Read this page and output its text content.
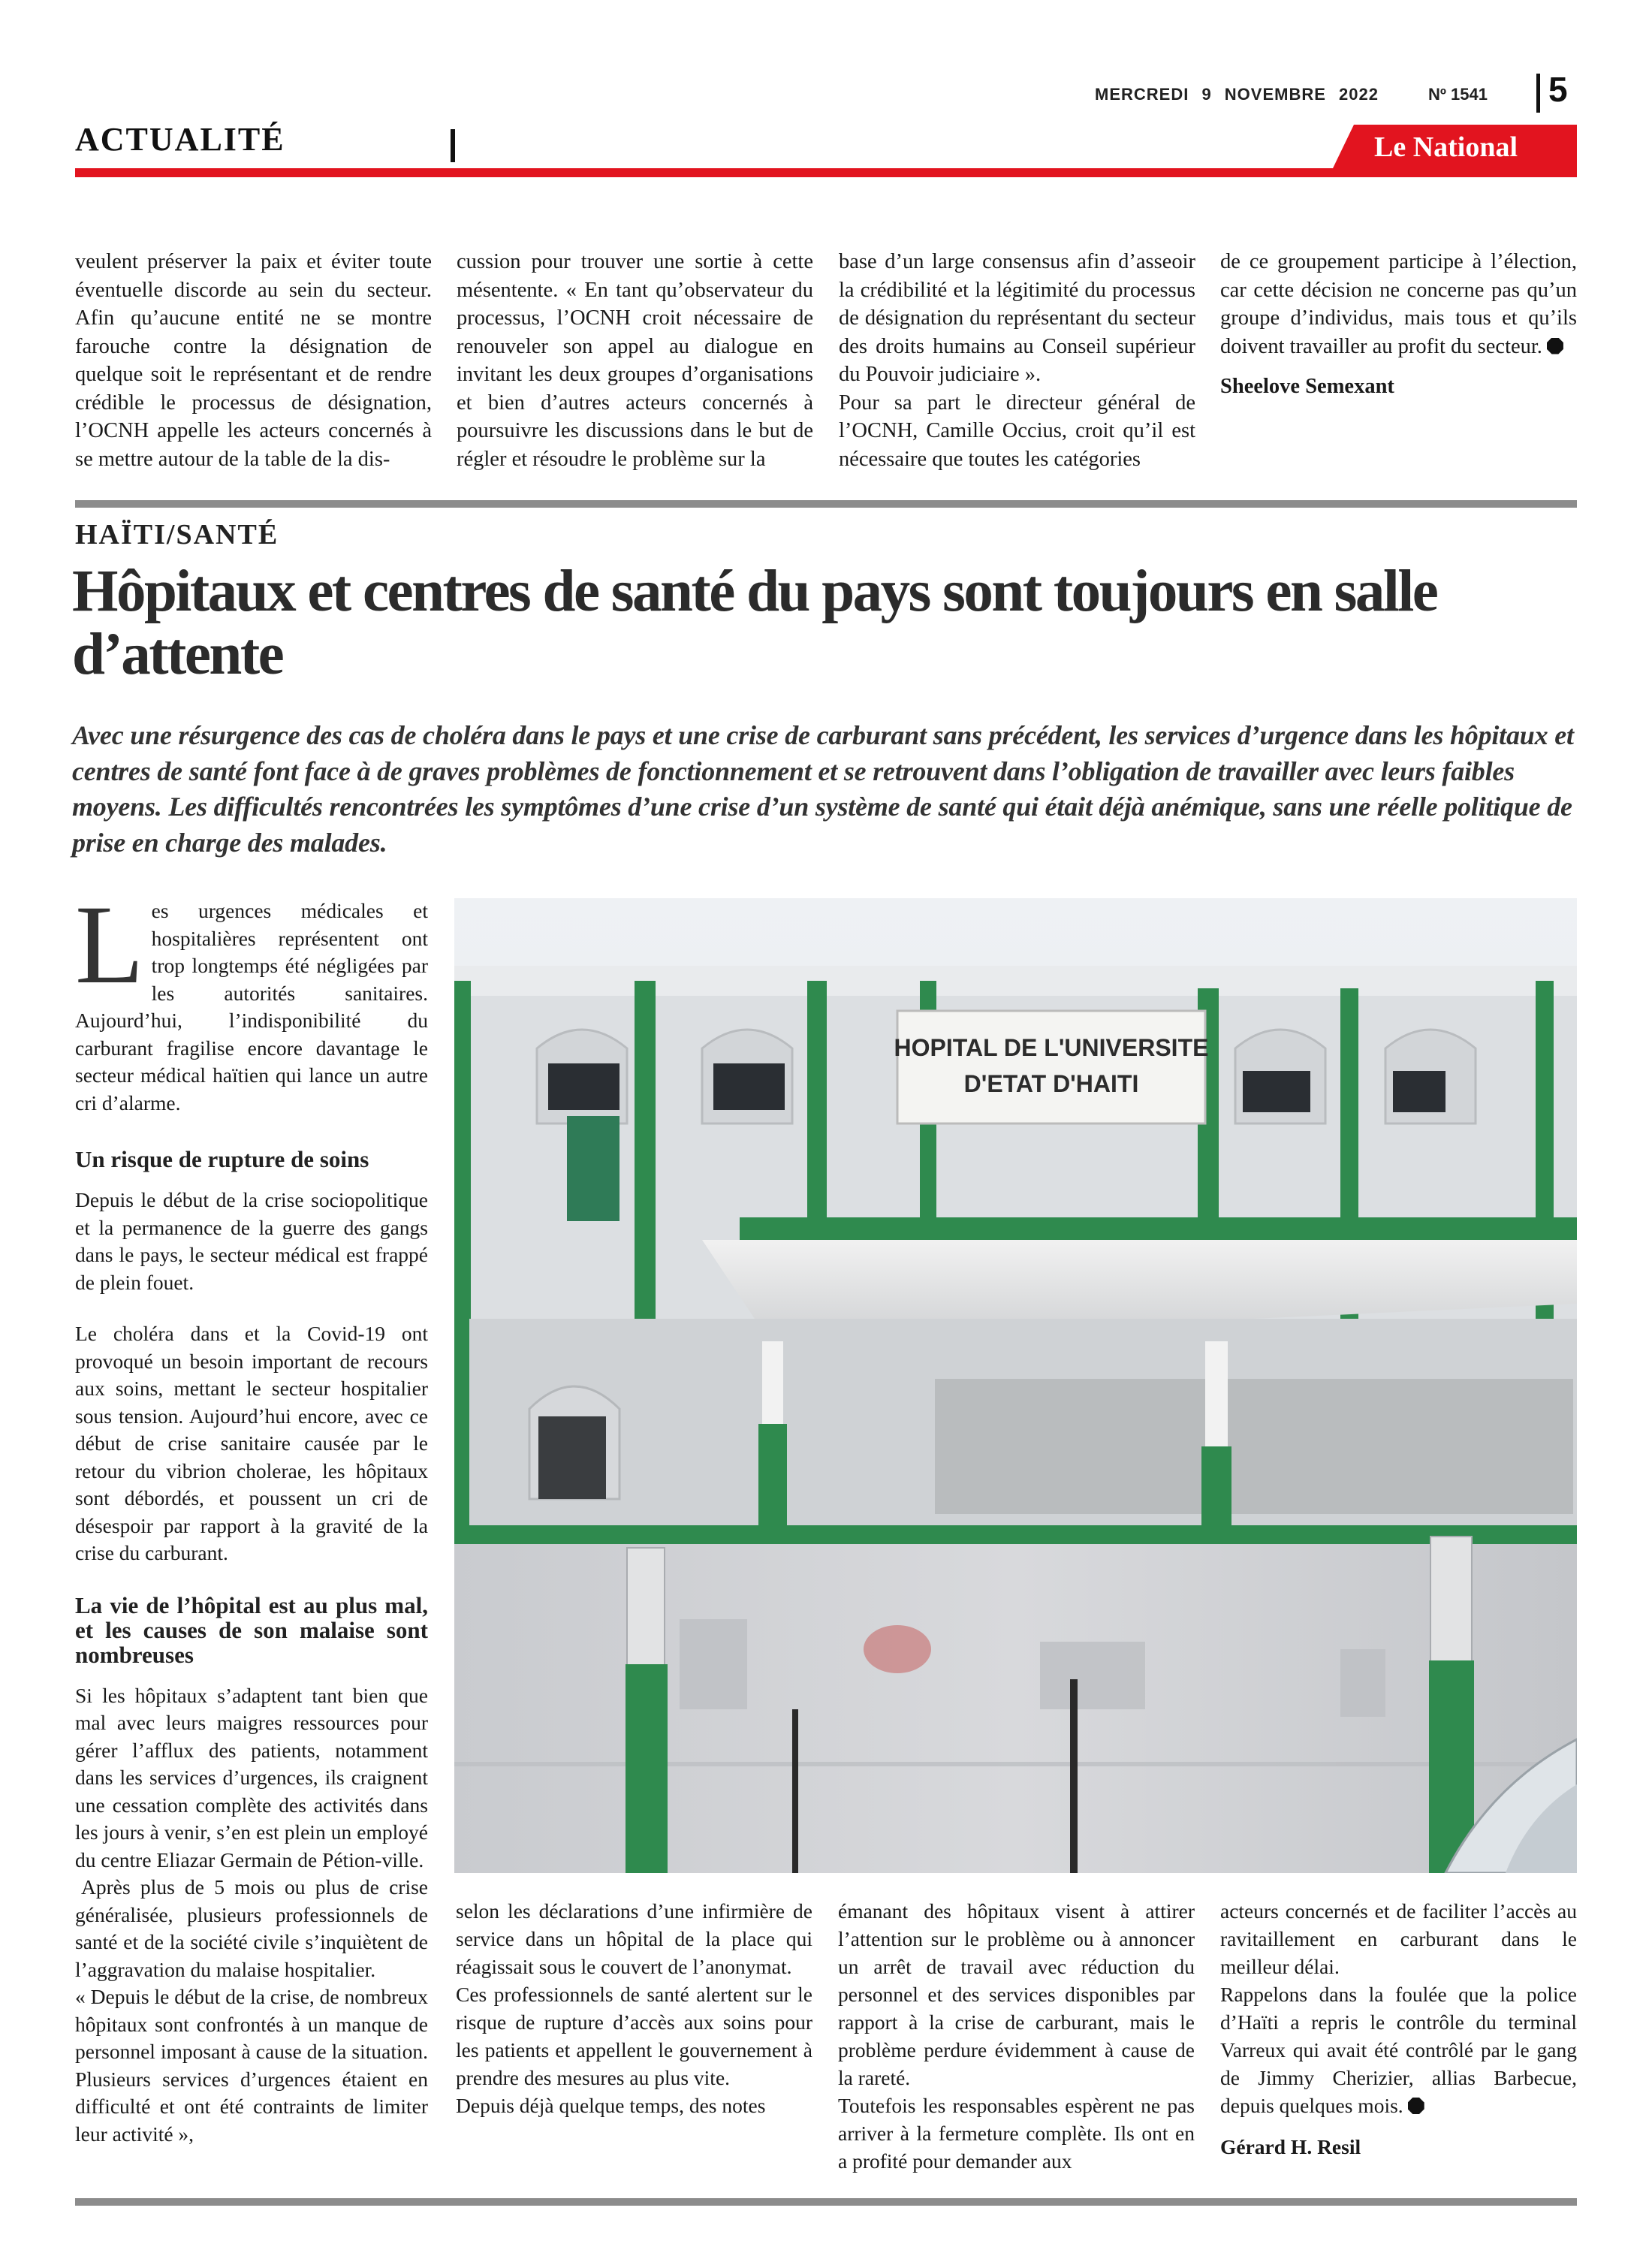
MERCREDI 9 NOVEMBRE 2022	Nº 1541 5
ACTUALITÉ	Le National

veulent préserver la paix et éviter toute éventuelle discorde au sein du secteur. Afin qu’aucune entité ne se montre farouche contre la désignation de quelque soit le représentant et de rendre crédible le processus de désignation, l’OCNH appelle les acteurs concernés à se mettre autour de la table de la dis-

cussion pour trouver une sortie à cette mésentente. « En tant qu’observateur du processus, l’OCNH croit nécessaire de renouveler son appel au dialogue en invitant les deux groupes d’organisations et bien d’autres acteurs concernés à poursuivre les discussions dans le but de régler et résoudre le problème sur la

base d’un large consensus afin d’asseoir la crédibilité et la légitimité du processus de désignation du représentant du secteur des droits humains au Conseil supérieur du Pouvoir judiciaire ».

Pour sa part le directeur général de l’OCNH, Camille Occius, croit qu’il est nécessaire que toutes les catégories

de ce groupement participe à l’élection, car cette décision ne concerne pas qu’un groupe d’individus, mais tous et qu’ils doivent travailler au profit du secteur.

Sheelove Semexant

HAÏTI/SANTÉ
Hôpitaux et centres de santé du pays sont toujours en salle d’attente

Avec une résurgence des cas de choléra dans le pays et une crise de carburant sans précédent, les services d’urgence dans les hôpitaux et centres de santé font face à de graves problèmes de fonctionnement et se retrouvent dans l’obligation de travailler avec leurs faibles moyens. Les difficultés rencontrées les symptômes d’une crise d’un système de santé qui était déjà anémique, sans une réelle politique de prise en charge des malades.

Les urgences médicales et hospitalières représentent ont trop longtemps été négligées par les autorités sanitaires. Aujourd’hui, l’indisponibilité du carburant fragilise encore davantage le secteur médical haïtien qui lance un autre cri d’alarme.

Un risque de rupture de soins

Depuis le début de la crise sociopolitique et la permanence de la guerre des gangs dans le pays, le secteur médical est frappé de plein fouet.

Le choléra dans et la Covid-19 ont provoqué un besoin important de recours aux soins, mettant le secteur hospitalier sous tension. Aujourd’hui encore, avec ce début de crise sanitaire causée par le retour du vibrion cholerae, les hôpitaux sont débordés, et poussent un cri de désespoir par rapport à la gravité de la crise du carburant.

La vie de l’hôpital est au plus mal, et les causes de son malaise sont nombreuses

Si les hôpitaux s’adaptent tant bien que mal avec leurs maigres ressources pour gérer l’afflux des patients, notamment dans les services d’urgences, ils craignent une cessation complète des activités dans les jours à venir, s’en est plein un employé du centre Eliazar Germain de Pétion-ville.

Après plus de 5 mois ou plus de crise généralisée, plusieurs professionnels de santé et de la société civile s’inquiètent de l’aggravation du malaise hospitalier.

« Depuis le début de la crise, de nombreux hôpitaux sont confrontés à un manque de personnel imposant à cause de la situation. Plusieurs services d’urgences étaient en difficulté et ont été contraints de limiter leur activité »,

HOPITAL DE L'UNIVERSITE
D'ETAT D'HAITI

selon les déclarations d’une infirmière de service dans un hôpital de la place qui réagissait sous le couvert de l’anonymat.

Ces professionnels de santé alertent sur le risque de rupture d’accès aux soins pour les patients et appellent le gouvernement à prendre des mesures au plus vite.

Depuis déjà quelque temps, des notes

émanant des hôpitaux visent à attirer l’attention sur le problème ou à annoncer un arrêt de travail avec réduction du personnel et des services disponibles par rapport à la crise de carburant, mais le problème perdure évidemment à cause de la rareté.

Toutefois les responsables espèrent ne pas arriver à la fermeture complète. Ils ont en a profité pour demander aux

acteurs concernés et de faciliter l’accès au ravitaillement en carburant dans le meilleur délai.

Rappelons dans la foulée que la police d’Haïti a repris le contrôle du terminal Varreux qui avait été contrôlé par le gang de Jimmy Cherizier, allias Barbecue, depuis quelques mois.

Gérard H. Resil
